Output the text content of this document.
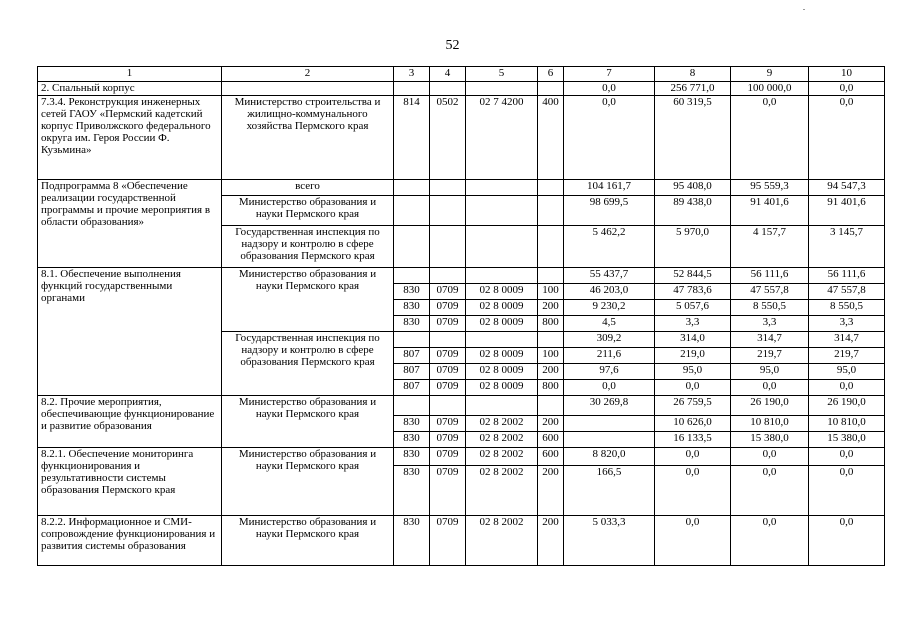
52
1	2	3	4	5	6	7	8	9	10
2. Спальный корпус						0,0	256 771,0	100 000,0	0,0
7.3.4. Реконструкция инженерных сетей ГАОУ «Пермский кадетский корпус Приволжского федерального округа им. Героя России Ф. Кузьмина»	Министерство строительства и жилищно-коммунального хозяйства Пермского края	814	0502	02 7 4200	400	0,0	60 319,5	0,0	0,0
Подпрограмма 8 «Обеспечение реализации государственной программы и прочие мероприятия в области образования»	всего					104 161,7	95 408,0	95 559,3	94 547,3
	Министерство образования и науки Пермского края					98 699,5	89 438,0	91 401,6	91 401,6
	Государственная инспекция по надзору и контролю в сфере образования Пермского края					5 462,2	5 970,0	4 157,7	3 145,7
8.1. Обеспечение выполнения функций государственными органами	Министерство образования и науки Пермского края					55 437,7	52 844,5	56 111,6	56 111,6
		830	0709	02 8 0009	100	46 203,0	47 783,6	47 557,8	47 557,8
		830	0709	02 8 0009	200	9 230,2	5 057,6	8 550,5	8 550,5
		830	0709	02 8 0009	800	4,5	3,3	3,3	3,3
	Государственная инспекция по надзору и контролю в сфере образования Пермского края					309,2	314,0	314,7	314,7
		807	0709	02 8 0009	100	211,6	219,0	219,7	219,7
		807	0709	02 8 0009	200	97,6	95,0	95,0	95,0
		807	0709	02 8 0009	800	0,0	0,0	0,0	0,0
8.2. Прочие мероприятия, обеспечивающие функционирование и развитие образования	Министерство образования и науки Пермского края					30 269,8	26 759,5	26 190,0	26 190,0
		830	0709	02 8 2002	200		10 626,0	10 810,0	10 810,0
		830	0709	02 8 2002	600		16 133,5	15 380,0	15 380,0
8.2.1. Обеспечение мониторинга функционирования и результативности системы образования Пермского края	Министерство образования и науки Пермского края	830	0709	02 8 2002	600	8 820,0	0,0	0,0	0,0
		830	0709	02 8 2002	200	166,5	0,0	0,0	0,0
8.2.2. Информационное и СМИ-сопровождение функционирования и развития системы образования	Министерство образования и науки Пермского края	830	0709	02 8 2002	200	5 033,3	0,0	0,0	0,0
